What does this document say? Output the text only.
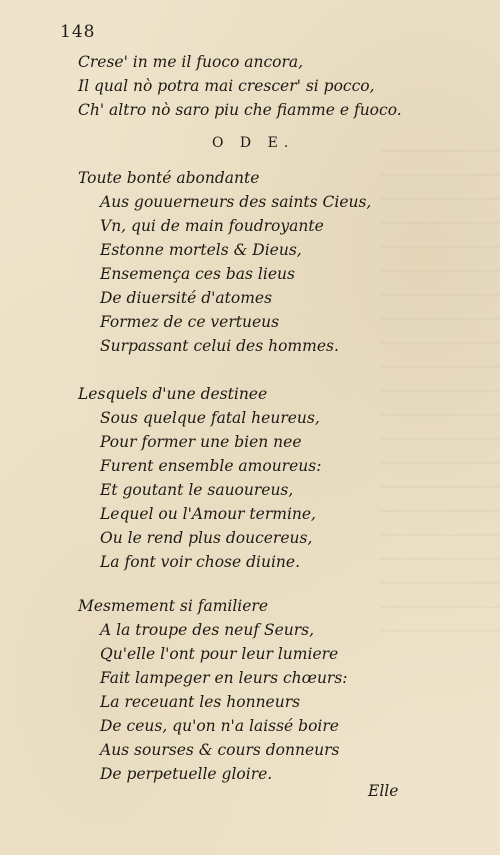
148
Crese' in me il fuoco ancora,
Il qual nò potra mai crescer' si pocco,
Ch' altro nò saro piu che fiamme e fuoco.
O D E.
Toute bonté abondante
Aus gouuerneurs des saints Cieus,
Vn, qui de main foudroyante
Estonne mortels & Dieus,
Ensemença ces bas lieus
De diuersité d'atomes
Formez de ce vertueus
Surpassant celui des hommes.
Lesquels d'une destinee
Sous quelque fatal heureus,
Pour former une bien nee
Furent ensemble amoureus:
Et goutant le sauoureus,
Lequel ou l'Amour termine,
Ou le rend plus doucereus,
La font voir chose diuine.
Mesmement si familiere
A la troupe des neuf Seurs,
Qu'elle l'ont pour leur lumiere
Fait lampeger en leurs chœurs:
La receuant les honneurs
De ceus, qu'on n'a laissé boire
Aus sourses & cours donneurs
De perpetuelle gloire.
Elle
